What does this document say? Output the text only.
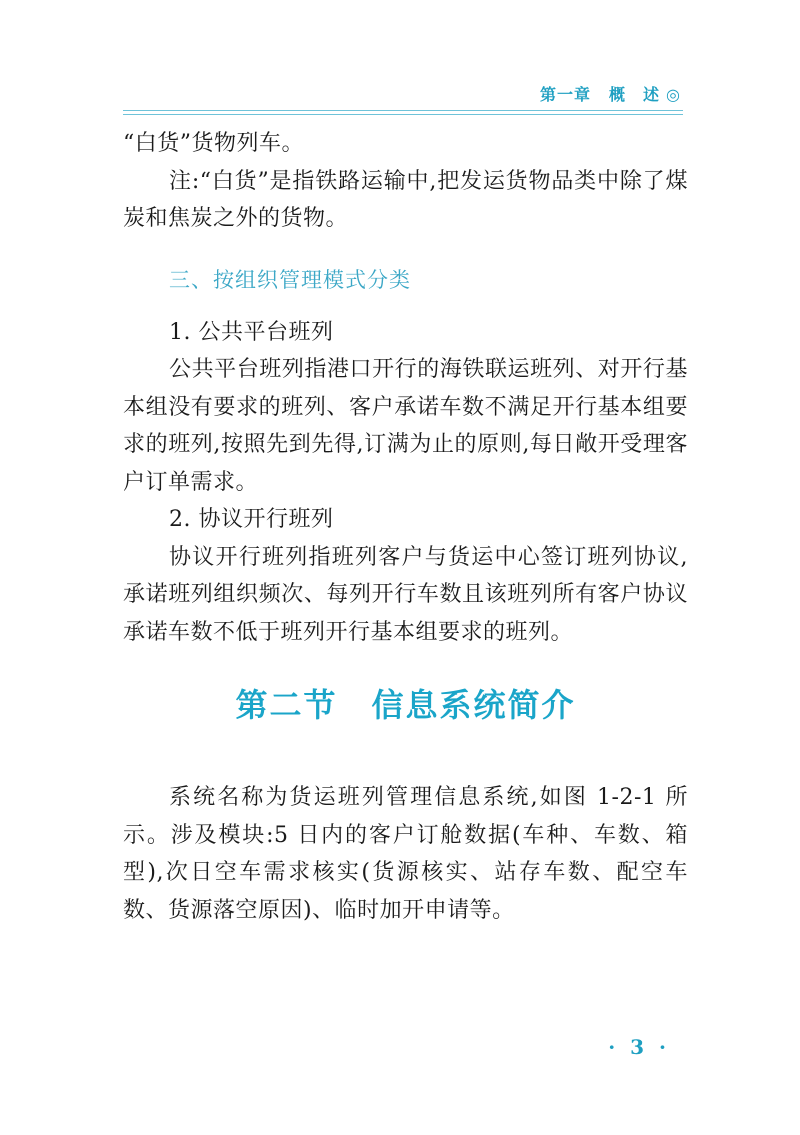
第一章 概　述 ◎

“白货”货物列车。

注:“白货”是指铁路运输中,把发运货物品类中除了煤炭和焦炭之外的货物。

三、按组织管理模式分类

1. 公共平台班列

公共平台班列指港口开行的海铁联运班列、对开行基本组没有要求的班列、客户承诺车数不满足开行基本组要求的班列,按照先到先得,订满为止的原则,每日敞开受理客户订单需求。

2. 协议开行班列

协议开行班列指班列客户与货运中心签订班列协议,承诺班列组织频次、每列开行车数且该班列所有客户协议承诺车数不低于班列开行基本组要求的班列。

第二节 信息系统简介

系统名称为货运班列管理信息系统,如图 1-2-1 所示。涉及模块:5 日内的客户订舱数据(车种、车数、箱型),次日空车需求核实(货源核实、站存车数、配空车数、货源落空原因)、临时加开申请等。

· 3 ·
